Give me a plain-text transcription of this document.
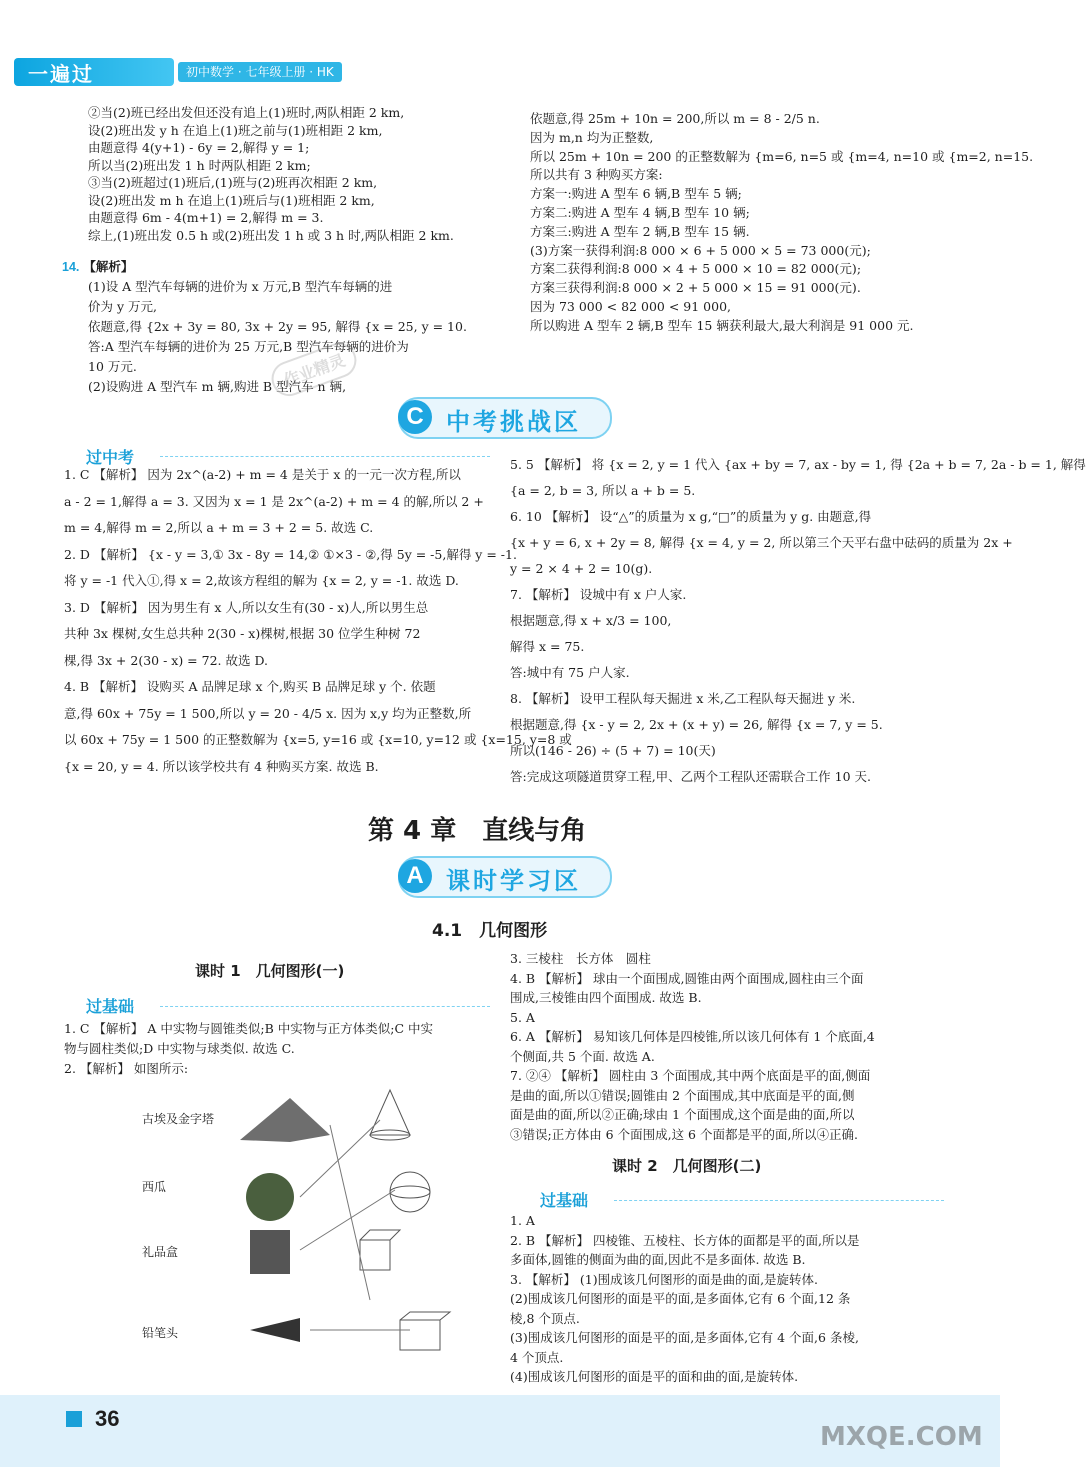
一遍过	初中数学 · 七年级上册 · HK
②当(2)班已经出发但还没有追上(1)班时,两队相距 2 km,
设(2)班出发 y h 在追上(1)班之前与(1)班相距 2 km,
由题意得 4(y+1) - 6y = 2,解得 y = 1;
所以当(2)班出发 1 h 时两队相距 2 km;
③当(2)班超过(1)班后,(1)班与(2)班再次相距 2 km,
设(2)班出发 m h 在追上(1)班后与(1)班相距 2 km,
由题意得 6m - 4(m+1) = 2,解得 m = 3.
综上,(1)班出发 0.5 h 或(2)班出发 1 h 或 3 h 时,两队相距 2 km.
14. 【解析】
(1)设 A 型汽车每辆的进价为 x 万元,B 型汽车每辆的进
价为 y 万元,
依题意,得 {2x + 3y = 80, 3x + 2y = 95, 解得 {x = 25, y = 10.
答:A 型汽车每辆的进价为 25 万元,B 型汽车每辆的进价为
10 万元.
(2)设购进 A 型汽车 m 辆,购进 B 型汽车 n 辆,
依题意,得 25m + 10n = 200,所以 m = 8 - 2/5 n.
因为 m,n 均为正整数,
所以 25m + 10n = 200 的正整数解为 {m=6, n=5 或 {m=4, n=10 或 {m=2, n=15.
所以共有 3 种购买方案:
方案一:购进 A 型车 6 辆,B 型车 5 辆;
方案二:购进 A 型车 4 辆,B 型车 10 辆;
方案三:购进 A 型车 2 辆,B 型车 15 辆.
(3)方案一获得利润:8 000 × 6 + 5 000 × 5 = 73 000(元);
方案二获得利润:8 000 × 4 + 5 000 × 10 = 82 000(元);
方案三获得利润:8 000 × 2 + 5 000 × 15 = 91 000(元).
因为 73 000 < 82 000 < 91 000,
所以购进 A 型车 2 辆,B 型车 15 辆获利最大,最大利润是 91 000 元.
作业精灵
C 中考挑战区
过中考
1. C 【解析】 因为 2x^(a-2) + m = 4 是关于 x 的一元一次方程,所以
a - 2 = 1,解得 a = 3. 又因为 x = 1 是 2x^(a-2) + m = 4 的解,所以 2 +
m = 4,解得 m = 2,所以 a + m = 3 + 2 = 5. 故选 C.
2. D 【解析】 {x - y = 3,① 3x - 8y = 14,② ①×3 - ②,得 5y = -5,解得 y = -1.
将 y = -1 代入①,得 x = 2,故该方程组的解为 {x = 2, y = -1. 故选 D.
3. D 【解析】 因为男生有 x 人,所以女生有(30 - x)人,所以男生总
共种 3x 棵树,女生总共种 2(30 - x)棵树,根据 30 位学生种树 72
棵,得 3x + 2(30 - x) = 72. 故选 D.
4. B 【解析】 设购买 A 品牌足球 x 个,购买 B 品牌足球 y 个. 依题
意,得 60x + 75y = 1 500,所以 y = 20 - 4/5 x. 因为 x,y 均为正整数,所
以 60x + 75y = 1 500 的正整数解为 {x=5, y=16 或 {x=10, y=12 或 {x=15, y=8 或
{x = 20, y = 4. 所以该学校共有 4 种购买方案. 故选 B.
5. 5 【解析】 将 {x = 2, y = 1 代入 {ax + by = 7, ax - by = 1, 得 {2a + b = 7, 2a - b = 1, 解得
{a = 2, b = 3, 所以 a + b = 5.
6. 10 【解析】 设“△”的质量为 x g,“□”的质量为 y g. 由题意,得
{x + y = 6, x + 2y = 8, 解得 {x = 4, y = 2, 所以第三个天平右盘中砝码的质量为 2x +
y = 2 × 4 + 2 = 10(g).
7. 【解析】 设城中有 x 户人家.
根据题意,得 x + x/3 = 100,
解得 x = 75.
答:城中有 75 户人家.
8. 【解析】 设甲工程队每天掘进 x 米,乙工程队每天掘进 y 米.
根据题意,得 {x - y = 2, 2x + (x + y) = 26, 解得 {x = 7, y = 5.
所以(146 - 26) ÷ (5 + 7) = 10(天)
答:完成这项隧道贯穿工程,甲、乙两个工程队还需联合工作 10 天.
第 4 章　直线与角
A 课时学习区
4.1　几何图形
课时 1　几何图形(一)
过基础
1. C 【解析】 A 中实物与圆锥类似;B 中实物与正方体类似;C 中实
物与圆柱类似;D 中实物与球类似. 故选 C.
2. 【解析】 如图所示:
古埃及金字塔
西瓜
礼品盒
铅笔头
3. 三棱柱　长方体　圆柱
4. B 【解析】 球由一个面围成,圆锥由两个面围成,圆柱由三个面
围成,三棱锥由四个面围成. 故选 B.
5. A
6. A 【解析】 易知该几何体是四棱锥,所以该几何体有 1 个底面,4
个侧面,共 5 个面. 故选 A.
7. ②④ 【解析】 圆柱由 3 个面围成,其中两个底面是平的面,侧面
是曲的面,所以①错误;圆锥由 2 个面围成,其中底面是平的面,侧
面是曲的面,所以②正确;球由 1 个面围成,这个面是曲的面,所以
③错误;正方体由 6 个面围成,这 6 个面都是平的面,所以④正确.
课时 2　几何图形(二)
过基础
1. A
2. B 【解析】 四棱锥、五棱柱、长方体的面都是平的面,所以是
多面体,圆锥的侧面为曲的面,因此不是多面体. 故选 B.
3. 【解析】 (1)围成该几何图形的面是曲的面,是旋转体.
(2)围成该几何图形的面是平的面,是多面体,它有 6 个面,12 条
棱,8 个顶点.
(3)围成该几何图形的面是平的面,是多面体,它有 4 个面,6 条棱,
4 个顶点.
(4)围成该几何图形的面是平的面和曲的面,是旋转体.
36
MXQE.COM
